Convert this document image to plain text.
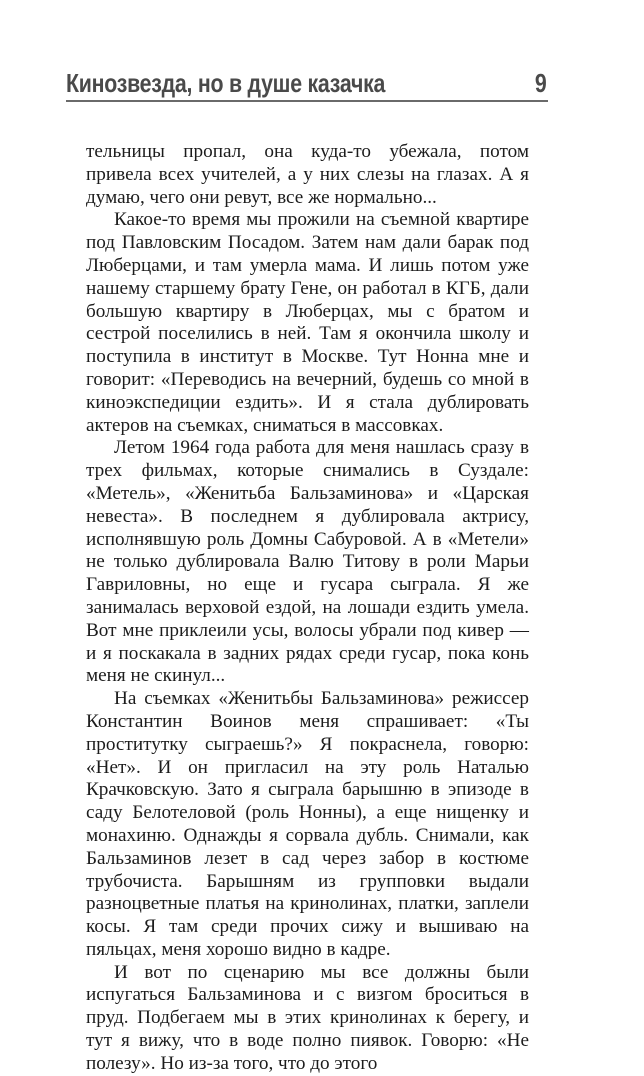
Кинозвезда, но в душе казачка	9

тельницы пропал, она куда-то убежала, потом привела всех учителей, а у них слезы на глазах. А я думаю, чего они ревут, все же нормально...

Какое-то время мы прожили на съемной квартире под Павловским Посадом. Затем нам дали барак под Люберцами, и там умерла мама. И лишь потом уже нашему старшему брату Гене, он работал в КГБ, дали большую квартиру в Люберцах, мы с братом и сестрой поселились в ней. Там я окончила школу и поступила в институт в Москве. Тут Нонна мне и говорит: «Переводись на вечерний, будешь со мной в киноэкспедиции ездить». И я стала дублировать актеров на съемках, сниматься в массовках.

Летом 1964 года работа для меня нашлась сразу в трех фильмах, которые снимались в Суздале: «Метель», «Женитьба Бальзаминова» и «Царская невеста». В последнем я дублировала актрису, исполнявшую роль Домны Сабуровой. А в «Метели» не только дублировала Валю Титову в роли Марьи Гавриловны, но еще и гусара сыграла. Я же занималась верховой ездой, на лошади ездить умела. Вот мне приклеили усы, волосы убрали под кивер — и я поскакала в задних рядах среди гусар, пока конь меня не скинул...

На съемках «Женитьбы Бальзаминова» режиссер Константин Воинов меня спрашивает: «Ты проститутку сыграешь?» Я покраснела, говорю: «Нет». И он пригласил на эту роль Наталью Крачковскую. Зато я сыграла барышню в эпизоде в саду Белотеловой (роль Нонны), а еще нищенку и монахиню. Однажды я сорвала дубль. Снимали, как Бальзаминов лезет в сад через забор в костюме трубочиста. Барышням из групповки выдали разноцветные платья на кринолинах, платки, заплели косы. Я там среди прочих сижу и вышиваю на пяльцах, меня хорошо видно в кадре.

И вот по сценарию мы все должны были испугаться Бальзаминова и с визгом броситься в пруд. Подбегаем мы в этих кринолинах к берегу, и тут я вижу, что в воде полно пиявок. Говорю: «Не полезу». Но из-за того, что до этого
